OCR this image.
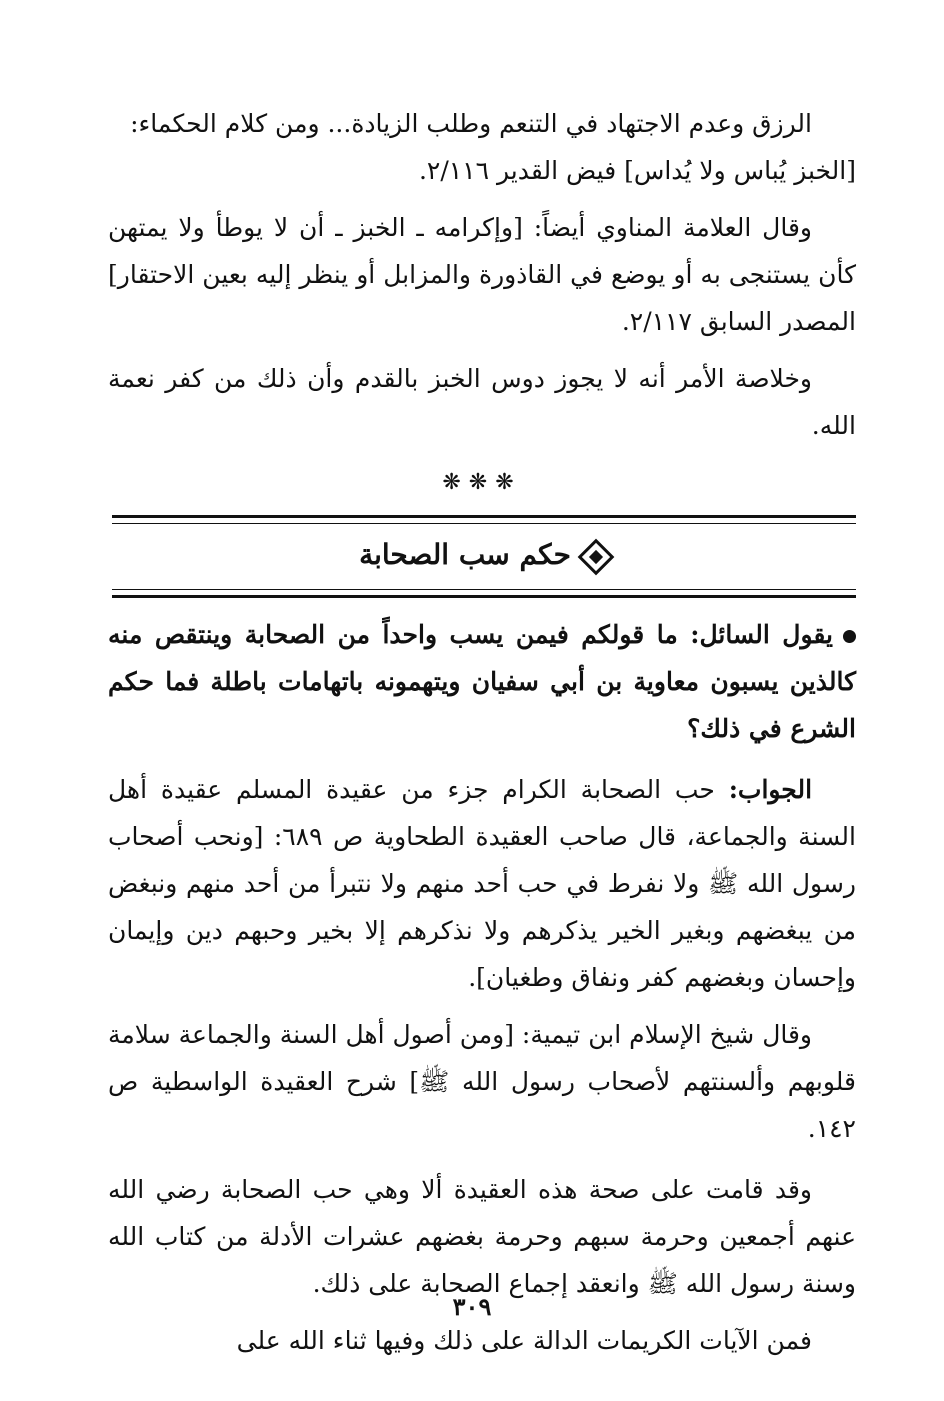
الرزق وعدم الاجتهاد في التنعم وطلب الزيادة... ومن كلام الحكماء:
[الخبز يُباس ولا يُداس] فيض القدير ٢/١١٦.

وقال العلامة المناوي أيضاً: [وإكرامه ـ الخبز ـ أن لا يوطأ ولا يمتهن كأن يستنجى به أو يوضع في القاذورة والمزابل أو ينظر إليه بعين الاحتقار] المصدر السابق ٢/١١٧.

وخلاصة الأمر أنه لا يجوز دوس الخبز بالقدم وأن ذلك من كفر نعمة الله.

❋❋❋
حكم سب الصحابة

يقول السائل: ما قولكم فيمن يسب واحداً من الصحابة وينتقص منه كالذين يسبون معاوية بن أبي سفيان ويتهمونه باتهامات باطلة فما حكم الشرع في ذلك؟

الجواب: حب الصحابة الكرام جزء من عقيدة المسلم عقيدة أهل السنة والجماعة، قال صاحب العقيدة الطحاوية ص ٦٨٩: [ونحب أصحاب رسول الله ﷺ ولا نفرط في حب أحد منهم ولا نتبرأ من أحد منهم ونبغض من يبغضهم وبغير الخير يذكرهم ولا نذكرهم إلا بخير وحبهم دين وإيمان وإحسان وبغضهم كفر ونفاق وطغيان].

وقال شيخ الإسلام ابن تيمية: [ومن أصول أهل السنة والجماعة سلامة قلوبهم وألسنتهم لأصحاب رسول الله ﷺ] شرح العقيدة الواسطية ص ١٤٢.

وقد قامت على صحة هذه العقيدة ألا وهي حب الصحابة رضي الله عنهم أجمعين وحرمة سبهم وحرمة بغضهم عشرات الأدلة من كتاب الله وسنة رسول الله ﷺ وانعقد إجماع الصحابة على ذلك.

فمن الآيات الكريمات الدالة على ذلك وفيها ثناء الله على

٣٠٩
